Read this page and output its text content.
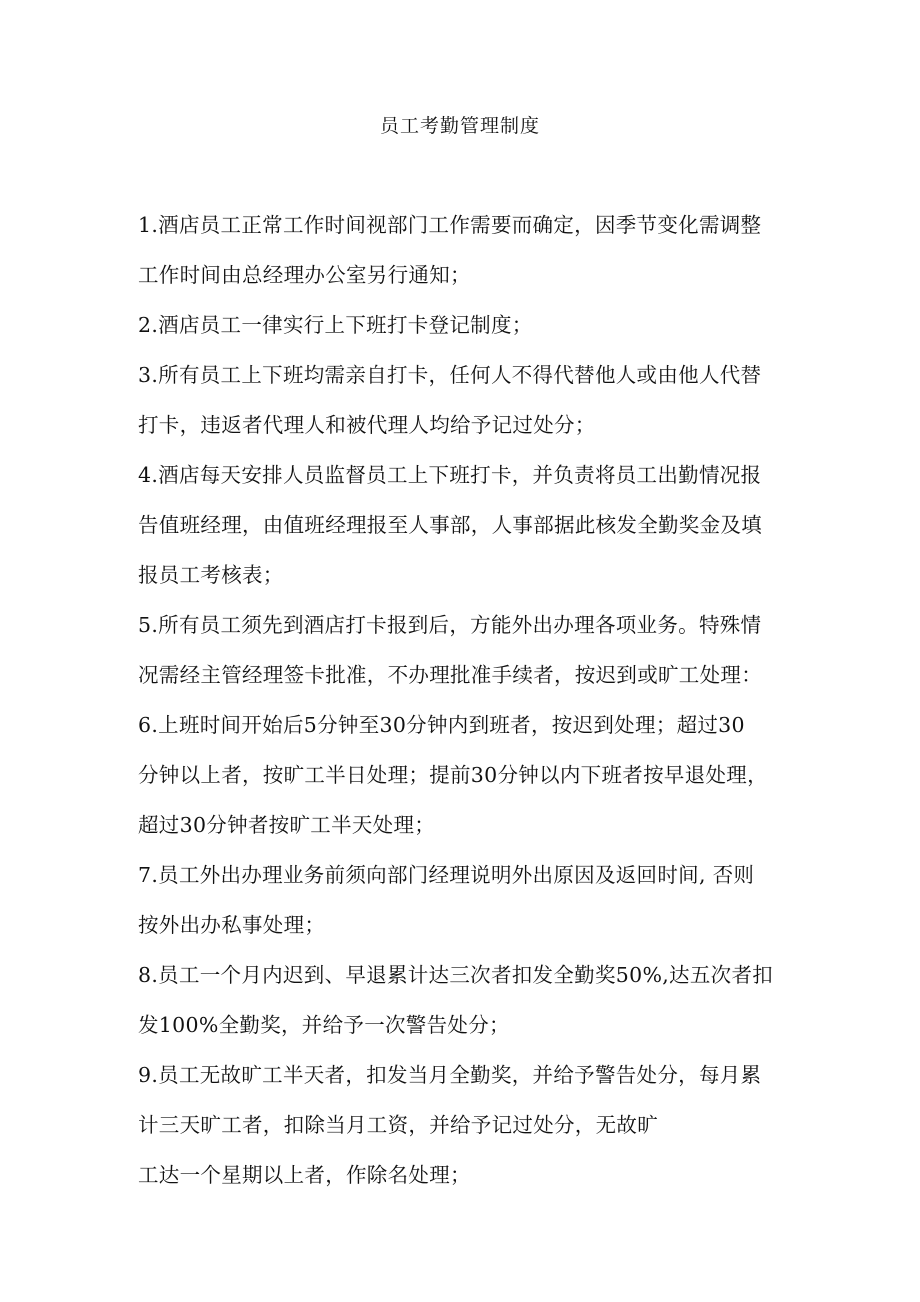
员工考勤管理制度
1.酒店员工正常工作时间视部门工作需要而确定，因季节变化需调整
工作时间由总经理办公室另行通知；
2.酒店员工一律实行上下班打卡登记制度；
3.所有员工上下班均需亲自打卡，任何人不得代替他人或由他人代替
打卡，违返者代理人和被代理人均给予记过处分；
4.酒店每天安排人员监督员工上下班打卡，并负责将员工出勤情况报
告值班经理，由值班经理报至人事部，人事部据此核发全勤奖金及填
报员工考核表；
5.所有员工须先到酒店打卡报到后，方能外出办理各项业务。特殊情
况需经主管经理签卡批准，不办理批准手续者，按迟到或旷工处理：
6.上班时间开始后5分钟至30分钟内到班者，按迟到处理；超过30
分钟以上者，按旷工半日处理；提前30分钟以内下班者按早退处理，
超过30分钟者按旷工半天处理；
7.员工外出办理业务前须向部门经理说明外出原因及返回时间, 否则
按外出办私事处理；
8.员工一个月内迟到、早退累计达三次者扣发全勤奖50%,达五次者扣
发100%全勤奖，并给予一次警告处分；
9.员工无故旷工半天者，扣发当月全勤奖，并给予警告处分，每月累
计三天旷工者，扣除当月工资，并给予记过处分，无故旷
工达一个星期以上者，作除名处理；
